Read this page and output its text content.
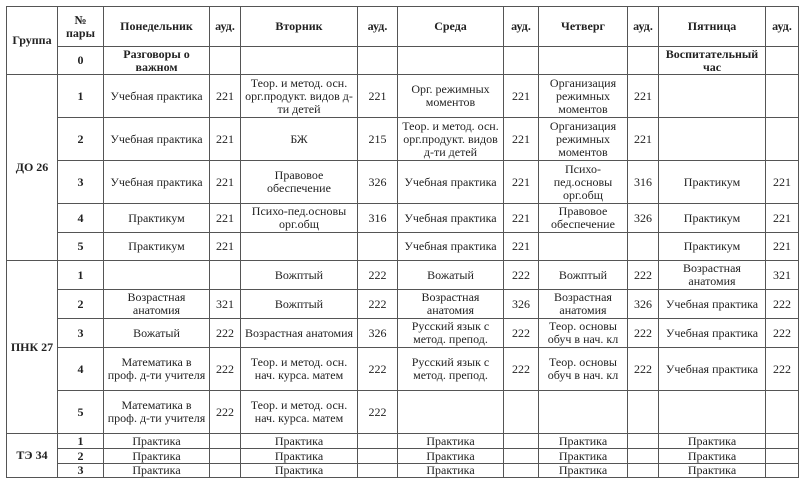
Группа	№ пары	Понедельник	ауд.	Вторник	ауд.	Среда	ауд.	Четверг	ауд.	Пятница	ауд.
	0	Разговоры о важном								Воспитательный час	
ДО 26	1	Учебная практика	221	Теор. и метод. осн. орг.продукт. видов д-ти детей	221	Орг. режимных моментов	221	Организация режимных моментов	221		
	2	Учебная практика	221	БЖ	215	Теор. и метод. осн. орг.продукт. видов д-ти детей	221	Организация режимных моментов	221		
	3	Учебная практика	221	Правовое обеспечение	326	Учебная практика	221	Психо-пед.основы орг.общ	316	Практикум	221
	4	Практикум	221	Психо-пед.основы орг.общ	316	Учебная практика	221	Правовое обеспечение	326	Практикум	221
	5	Практикум	221			Учебная практика	221			Практикум	221
ПНК 27	1			Вожптый	222	Вожатый	222	Вожптый	222	Возрастная анатомия	321
	2	Возрастная анатомия	321	Вожптый	222	Возрастная анатомия	326	Возрастная анатомия	326	Учебная практика	222
	3	Вожатый	222	Возрастная анатомия	326	Русский язык с метод. препод.	222	Теор. основы обуч в нач. кл	222	Учебная практика	222
	4	Математика в проф. д-ти учителя	222	Теор. и метод. осн. нач. курса. матем	222	Русский язык с метод. препод.	222	Теор. основы обуч в нач. кл	222	Учебная практика	222
	5	Математика в проф. д-ти учителя	222	Теор. и метод. осн. нач. курса. матем	222						
ТЭ 34	1	Практика		Практика		Практика		Практика		Практика	
	2	Практика		Практика		Практика		Практика		Практика	
	3	Практика		Практика		Практика		Практика		Практика	
